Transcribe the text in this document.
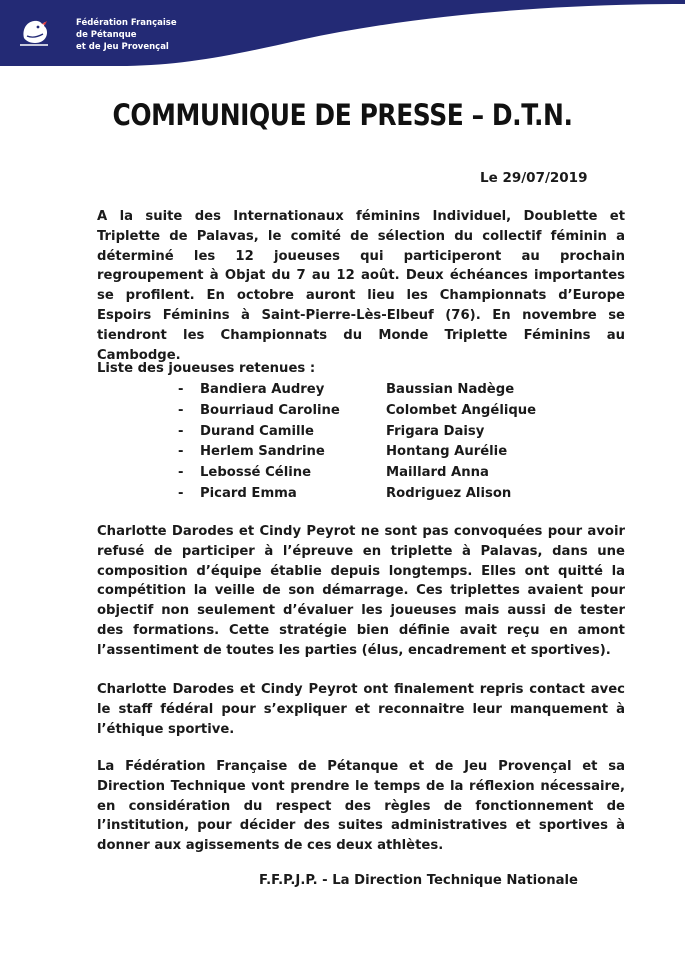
Fédération Française
de Pétanque
et de Jeu Provençal
COMMUNIQUE DE PRESSE – D.T.N.
Le 29/07/2019
A la suite des Internationaux féminins Individuel, Doublette et Triplette de Palavas, le comité de sélection du collectif féminin a déterminé les 12 joueuses qui participeront au prochain regroupement à Objat du 7 au 12 août. Deux échéances importantes se profilent. En octobre auront lieu les Championnats d’Europe Espoirs Féminins à Saint-Pierre-Lès-Elbeuf (76). En novembre se tiendront les Championnats du Monde Triplette Féminins au Cambodge.
Liste des joueuses retenues :
- Bandiera Audrey	Baussian Nadège
- Bourriaud Caroline	Colombet Angélique
- Durand Camille	Frigara Daisy
- Herlem Sandrine	Hontang Aurélie
- Lebossé Céline	Maillard Anna
- Picard Emma	Rodriguez Alison
Charlotte Darodes et Cindy Peyrot ne sont pas convoquées pour avoir refusé de participer à l’épreuve en triplette à Palavas, dans une composition d’équipe établie depuis longtemps. Elles ont quitté la compétition la veille de son démarrage. Ces triplettes avaient pour objectif non seulement d’évaluer les joueuses mais aussi de tester des formations. Cette stratégie bien définie avait reçu en amont l’assentiment de toutes les parties (élus, encadrement et sportives).
Charlotte Darodes et Cindy Peyrot ont finalement repris contact avec le staff fédéral pour s’expliquer et reconnaitre leur manquement à l’éthique sportive.
La Fédération Française de Pétanque et de Jeu Provençal et sa Direction Technique vont prendre le temps de la réflexion nécessaire, en considération du respect des règles de fonctionnement de l’institution, pour décider des suites administratives et sportives à donner aux agissements de ces deux athlètes.
F.F.P.J.P. - La Direction Technique Nationale
